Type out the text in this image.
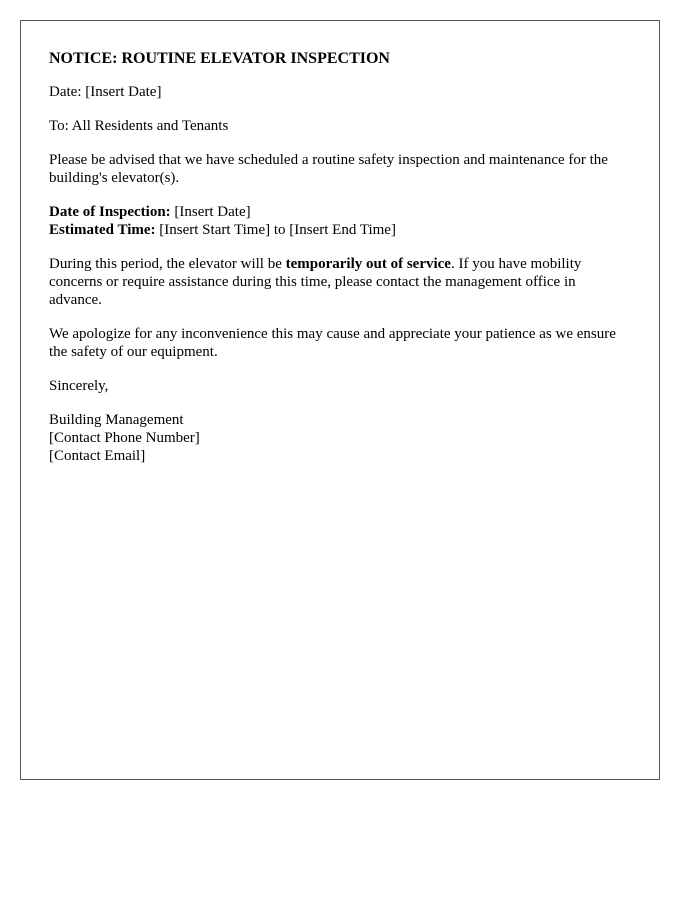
NOTICE: ROUTINE ELEVATOR INSPECTION

Date: [Insert Date]

To: All Residents and Tenants

Please be advised that we have scheduled a routine safety inspection and maintenance for the building's elevator(s).

Date of Inspection: [Insert Date]
Estimated Time: [Insert Start Time] to [Insert End Time]

During this period, the elevator will be temporarily out of service. If you have mobility concerns or require assistance during this time, please contact the management office in advance.

We apologize for any inconvenience this may cause and appreciate your patience as we ensure the safety of our equipment.

Sincerely,

Building Management
[Contact Phone Number]
[Contact Email]
